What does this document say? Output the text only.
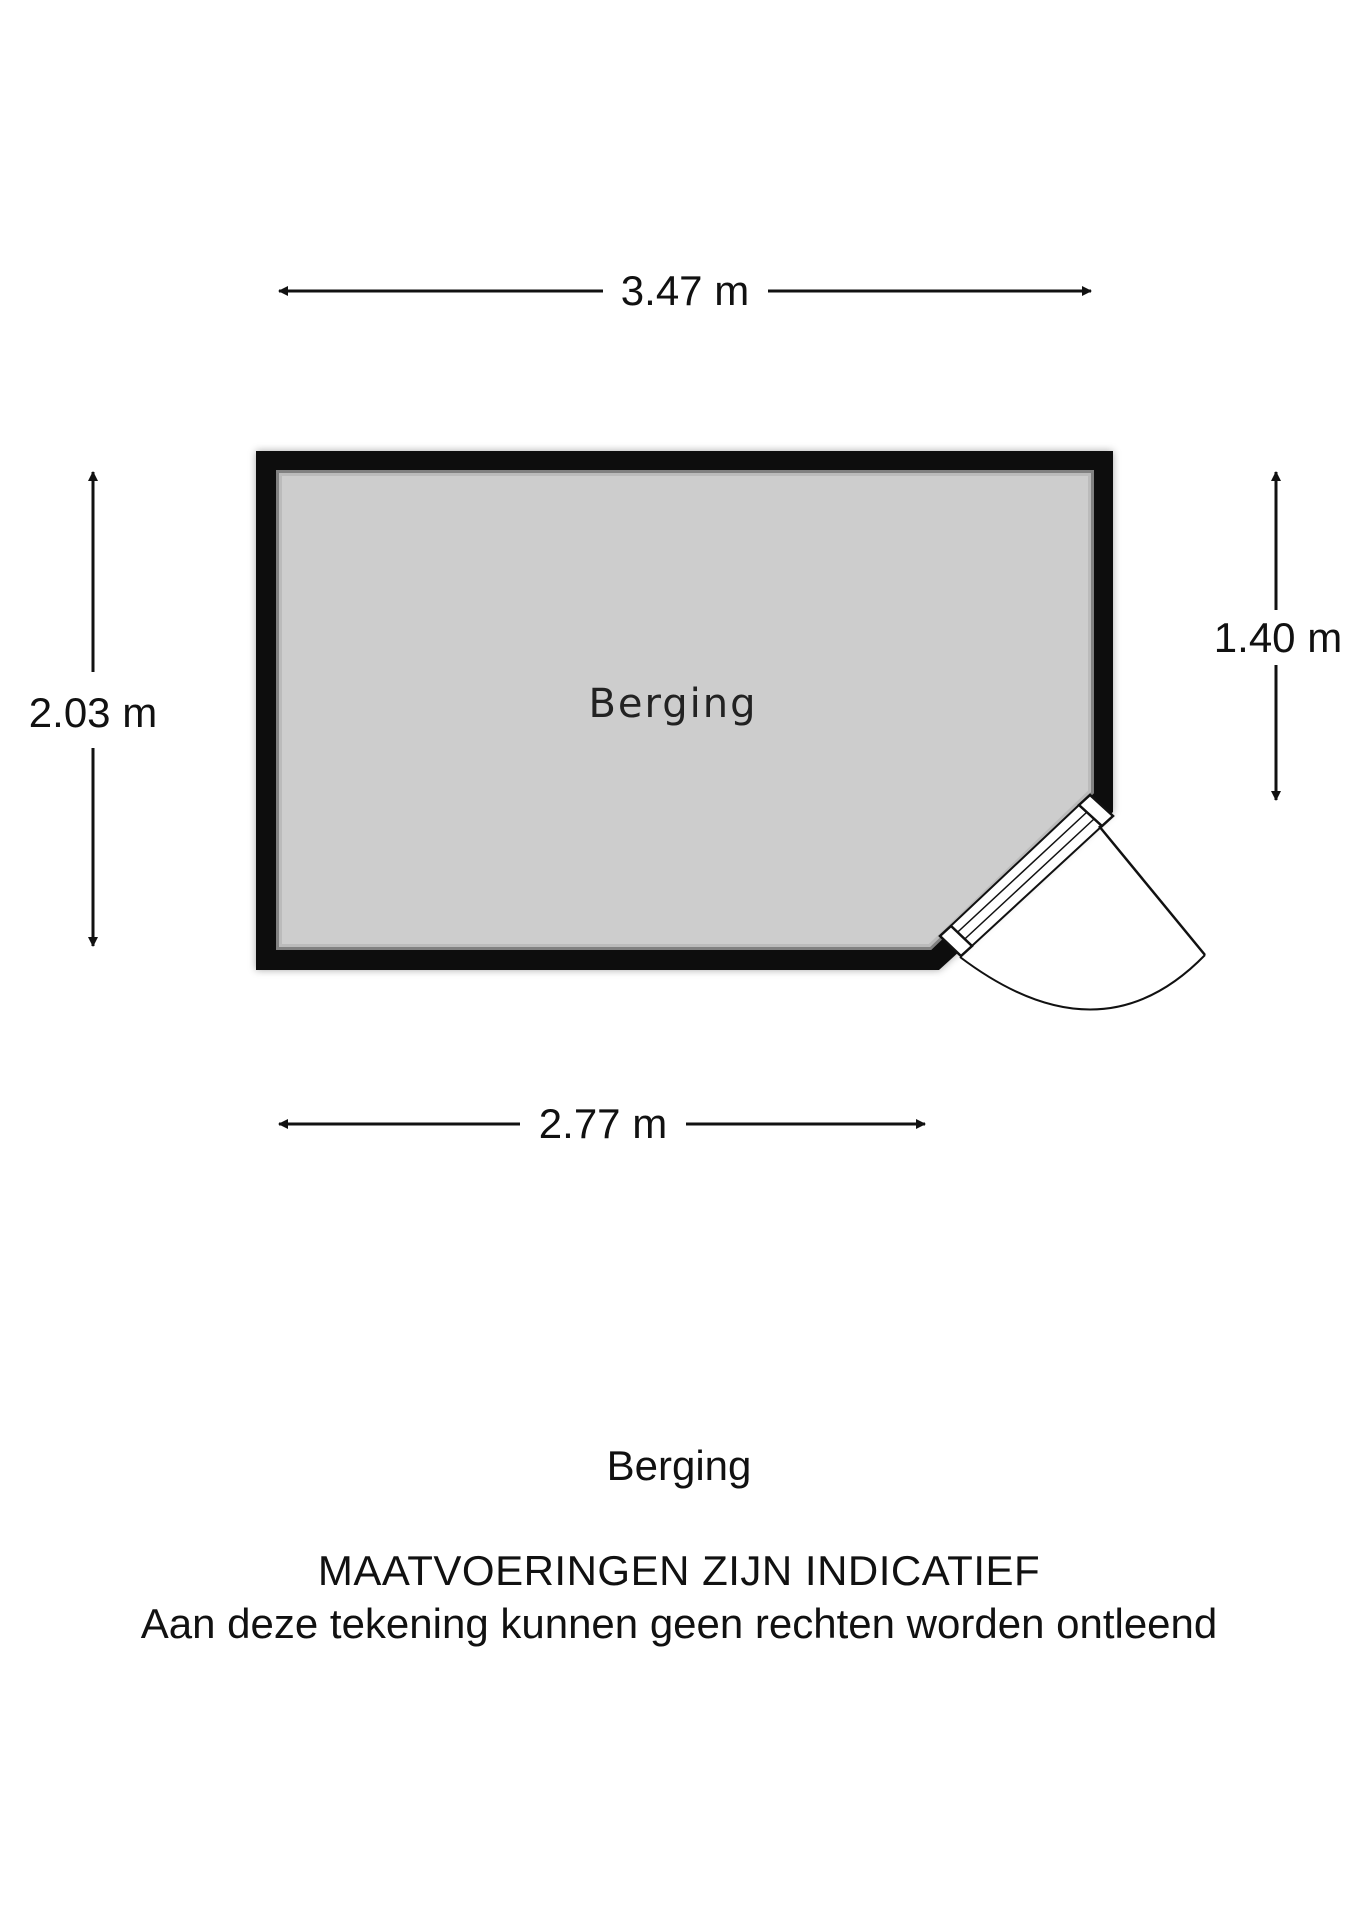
3.47 m
2.03 m
1.40 m
2.77 m
Berging
Berging
MAATVOERINGEN ZIJN INDICATIEF
Aan deze tekening kunnen geen rechten worden ontleend
